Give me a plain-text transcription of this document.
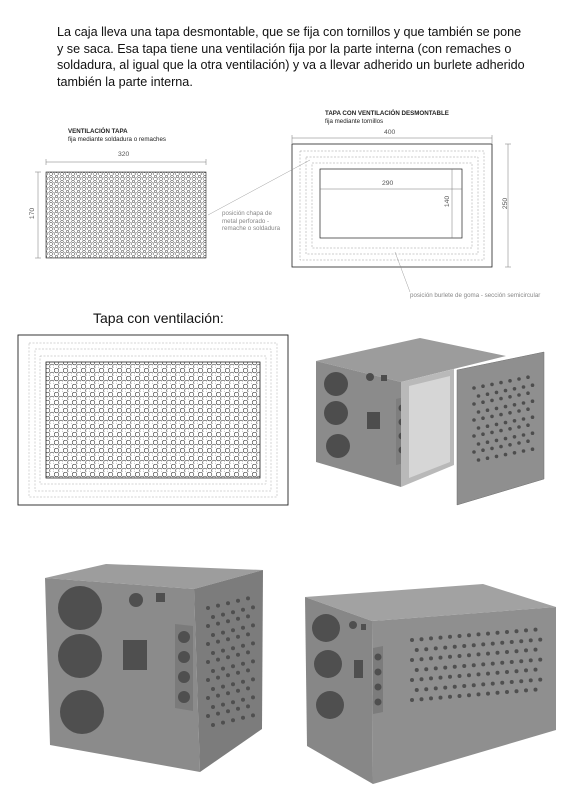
La caja lleva una tapa desmontable, que se fija con tornillos y que también se pone y se saca. Esa tapa tiene una ventilación fija por la parte interna (con remaches o soldadura, al igual que la otra ventilación) y va a llevar adherido un burlete adherido también la parte interna.
VENTILACIÓN TAPA
fija mediante soldadura o remaches
320
170
TAPA CON VENTILACIÓN DESMONTABLE
fija mediante tornillos
400
290
140	250
posición chapa de
metal perforado -
remache o soldadura
posición burlete de goma - sección semicircular
Tapa con ventilación:
